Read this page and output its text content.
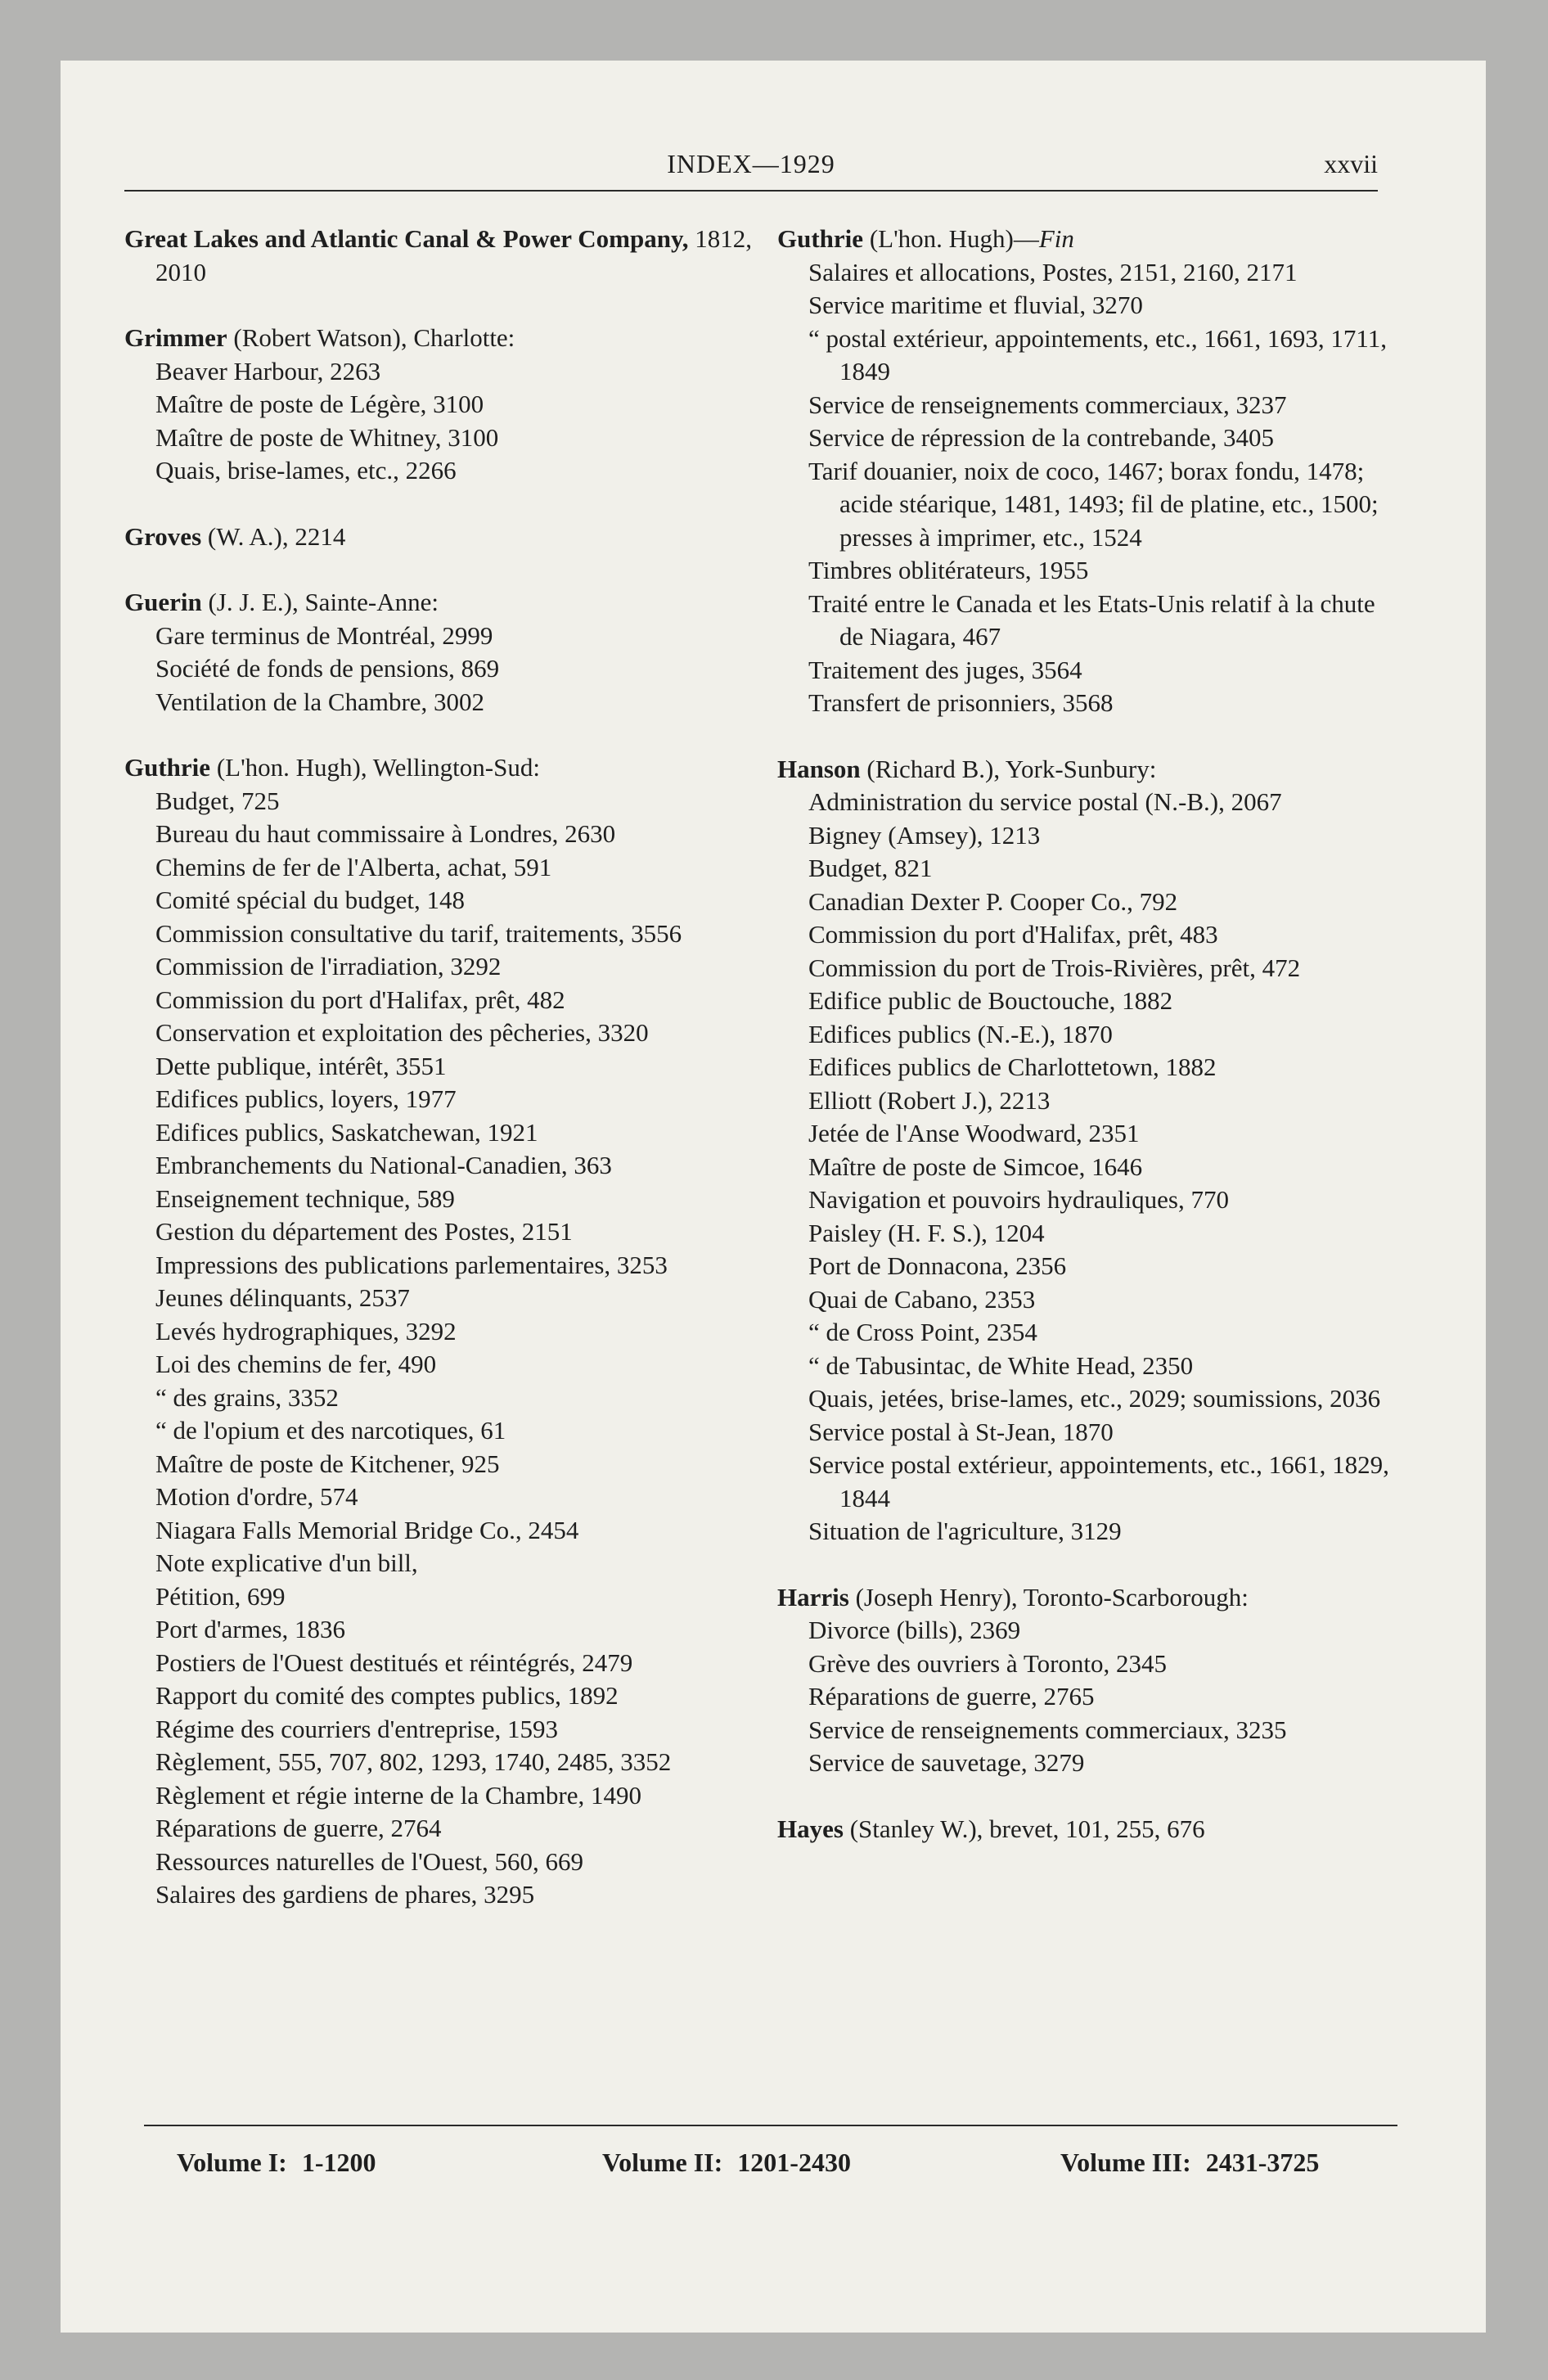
INDEX—1929	xxvii
Great Lakes and Atlantic Canal & Power Company, 1812, 2010
Grimmer (Robert Watson), Charlotte:
Beaver Harbour, 2263
Maître de poste de Légère, 3100
Maître de poste de Whitney, 3100
Quais, brise-lames, etc., 2266
Groves (W. A.), 2214
Guerin (J. J. E.), Sainte-Anne:
Gare terminus de Montréal, 2999
Société de fonds de pensions, 869
Ventilation de la Chambre, 3002
Guthrie (L'hon. Hugh), Wellington-Sud:
Budget, 725
Bureau du haut commissaire à Londres, 2630
Chemins de fer de l'Alberta, achat, 591
Comité spécial du budget, 148
Commission consultative du tarif, traitements, 3556
Commission de l'irradiation, 3292
Commission du port d'Halifax, prêt, 482
Conservation et exploitation des pêcheries, 3320
Dette publique, intérêt, 3551
Edifices publics, loyers, 1977
Edifices publics, Saskatchewan, 1921
Embranchements du National-Canadien, 363
Enseignement technique, 589
Gestion du département des Postes, 2151
Impressions des publications parlementaires, 3253
Jeunes délinquants, 2537
Levés hydrographiques, 3292
Loi des chemins de fer, 490
“ des grains, 3352
“ de l'opium et des narcotiques, 61
Maître de poste de Kitchener, 925
Motion d'ordre, 574
Niagara Falls Memorial Bridge Co., 2454
Note explicative d'un bill,
Pétition, 699
Port d'armes, 1836
Postiers de l'Ouest destitués et réintégrés, 2479
Rapport du comité des comptes publics, 1892
Régime des courriers d'entreprise, 1593
Règlement, 555, 707, 802, 1293, 1740, 2485, 3352
Règlement et régie interne de la Chambre, 1490
Réparations de guerre, 2764
Ressources naturelles de l'Ouest, 560, 669
Salaires des gardiens de phares, 3295
Guthrie (L'hon. Hugh)—Fin
Salaires et allocations, Postes, 2151, 2160, 2171
Service maritime et fluvial, 3270
“ postal extérieur, appointements, etc., 1661, 1693, 1711, 1849
Service de renseignements commerciaux, 3237
Service de répression de la contrebande, 3405
Tarif douanier, noix de coco, 1467; borax fondu, 1478; acide stéarique, 1481, 1493; fil de platine, etc., 1500; presses à imprimer, etc., 1524
Timbres oblitérateurs, 1955
Traité entre le Canada et les Etats-Unis relatif à la chute de Niagara, 467
Traitement des juges, 3564
Transfert de prisonniers, 3568
Hanson (Richard B.), York-Sunbury:
Administration du service postal (N.-B.), 2067
Bigney (Amsey), 1213
Budget, 821
Canadian Dexter P. Cooper Co., 792
Commission du port d'Halifax, prêt, 483
Commission du port de Trois-Rivières, prêt, 472
Edifice public de Bouctouche, 1882
Edifices publics (N.-E.), 1870
Edifices publics de Charlottetown, 1882
Elliott (Robert J.), 2213
Jetée de l'Anse Woodward, 2351
Maître de poste de Simcoe, 1646
Navigation et pouvoirs hydrauliques, 770
Paisley (H. F. S.), 1204
Port de Donnacona, 2356
Quai de Cabano, 2353
“ de Cross Point, 2354
“ de Tabusintac, de White Head, 2350
Quais, jetées, brise-lames, etc., 2029; soumissions, 2036
Service postal à St-Jean, 1870
Service postal extérieur, appointements, etc., 1661, 1829, 1844
Situation de l'agriculture, 3129
Harris (Joseph Henry), Toronto-Scarborough:
Divorce (bills), 2369
Grève des ouvriers à Toronto, 2345
Réparations de guerre, 2765
Service de renseignements commerciaux, 3235
Service de sauvetage, 3279
Hayes (Stanley W.), brevet, 101, 255, 676
Volume I: 1-1200	Volume II: 1201-2430	Volume III: 2431-3725
